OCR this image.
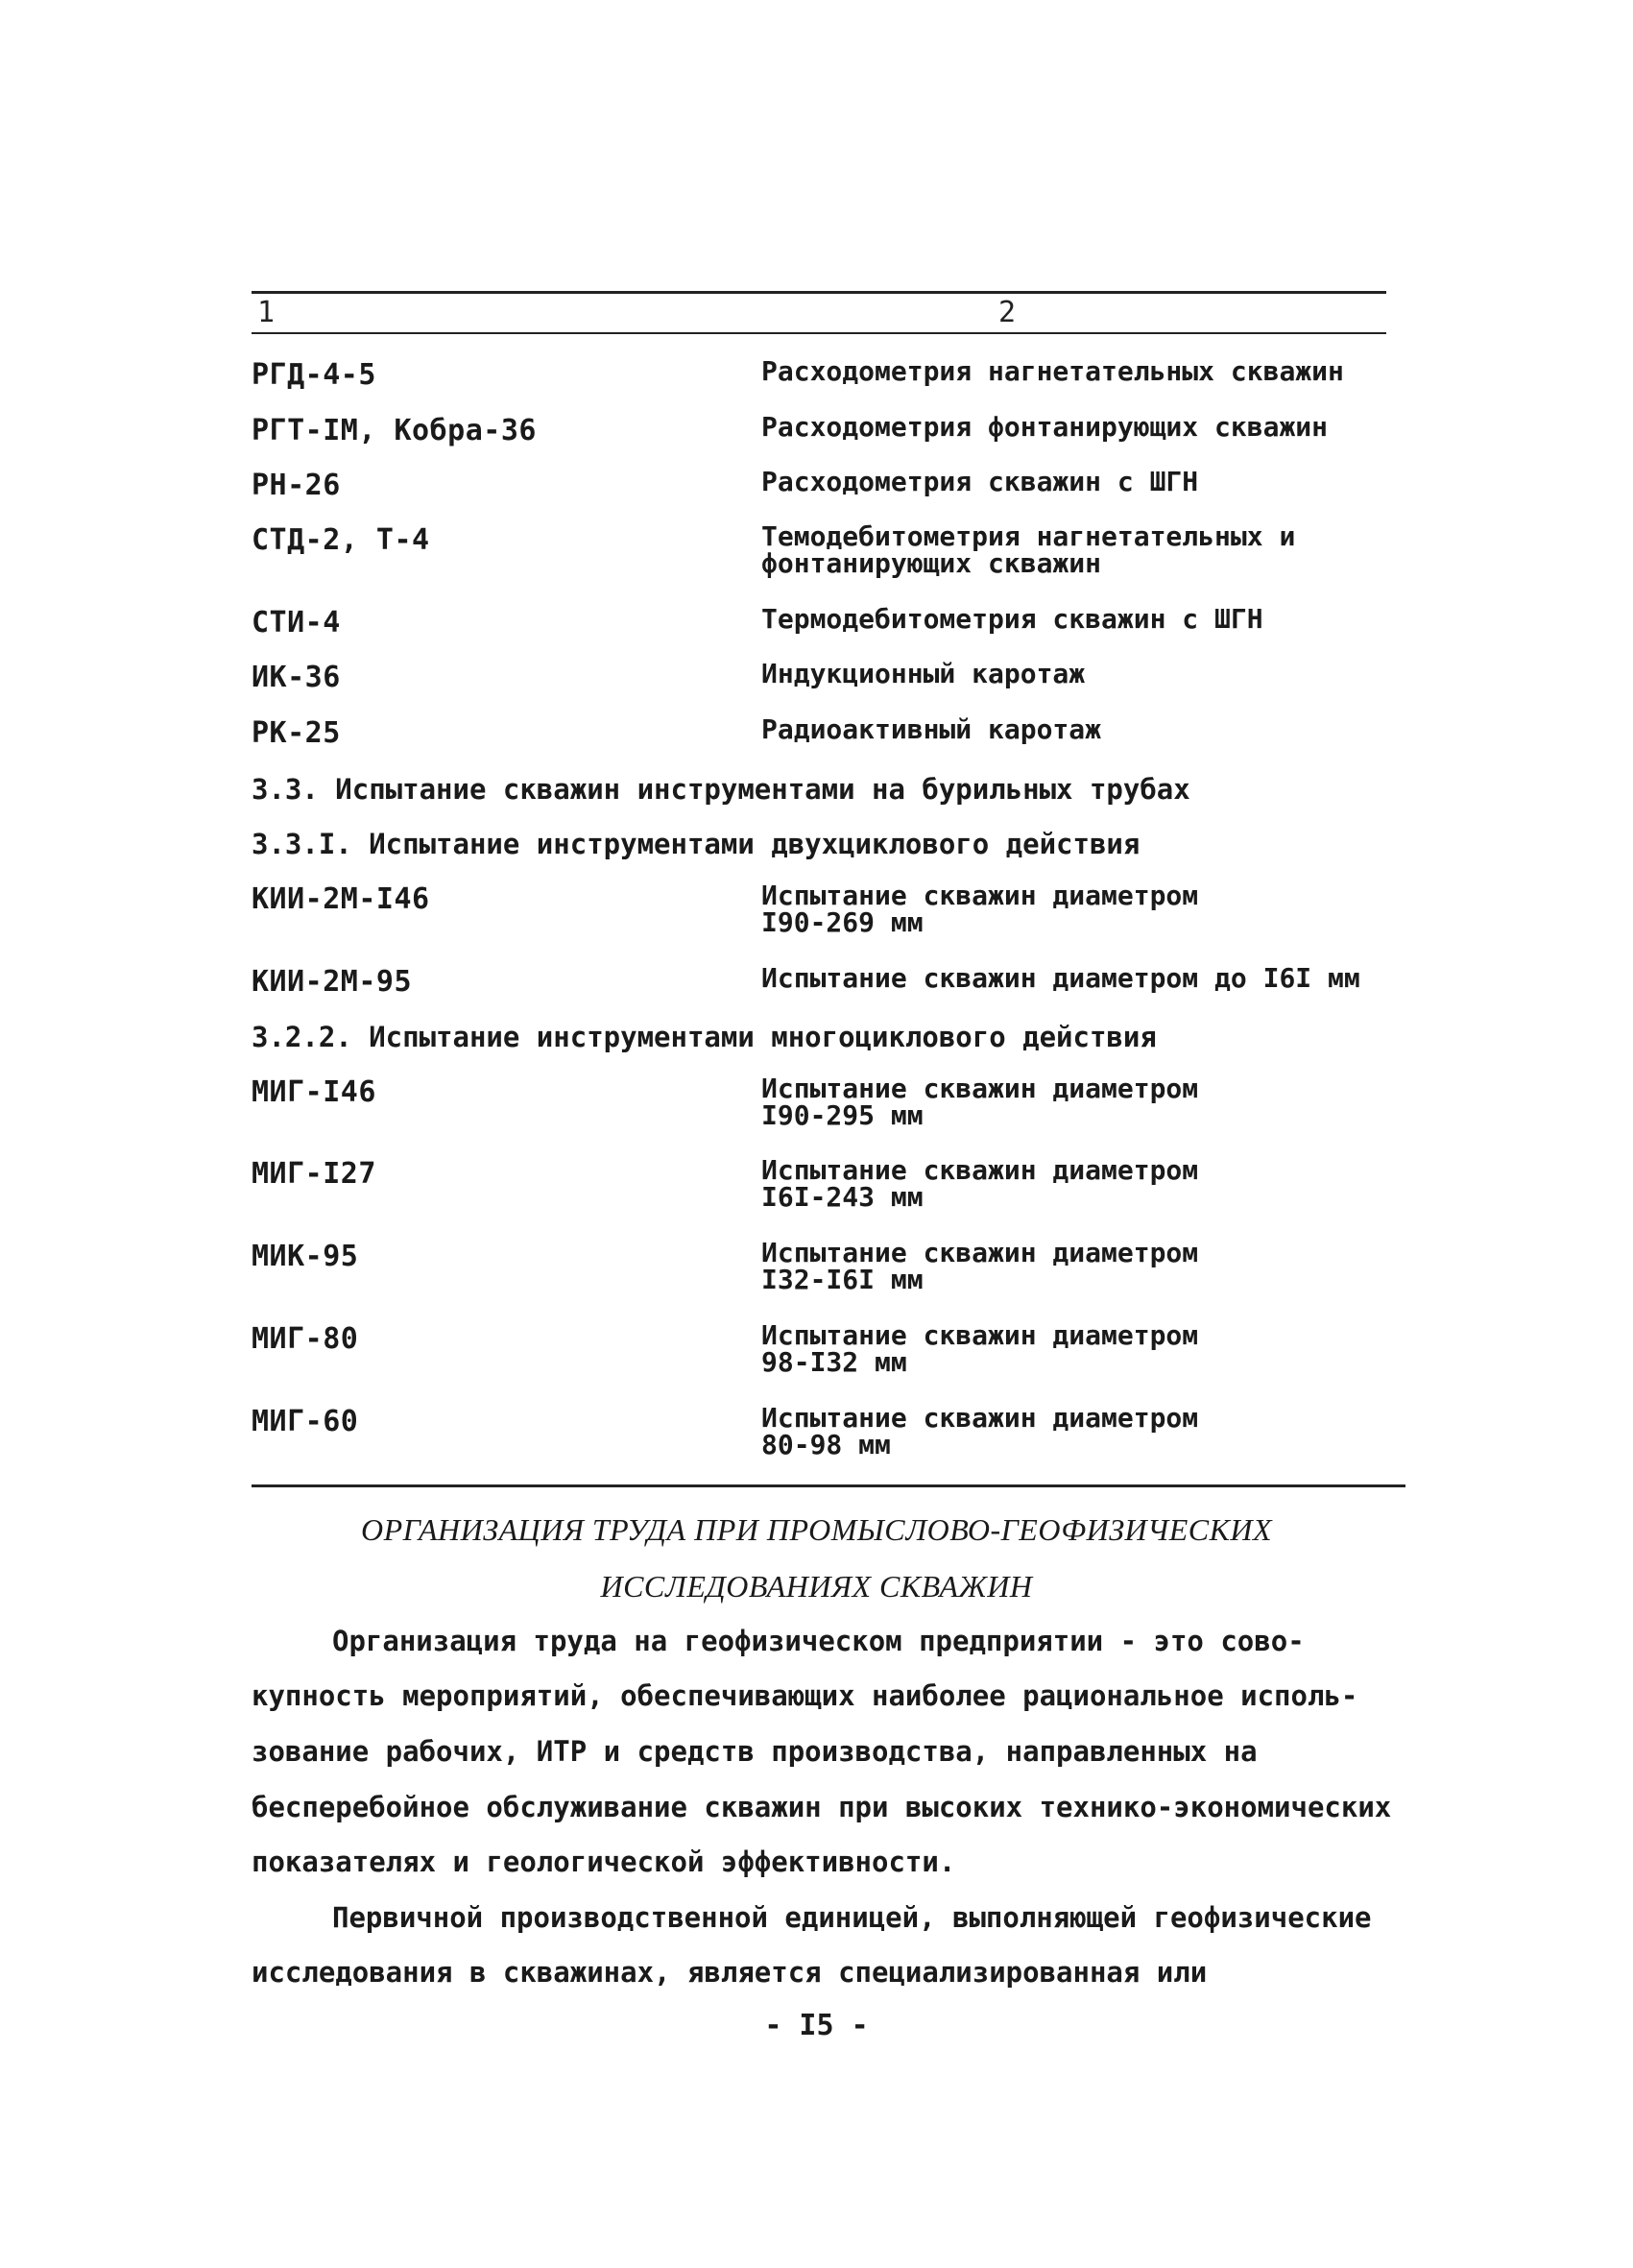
1	2
РГД-4-5	Расходометрия нагнетательных скважин
РГТ-IM, Кобра-36	Расходометрия фонтанирующих скважин
РН-26	Расходометрия скважин с ШГН
СТД-2, Т-4	Темодебитометрия нагнетательных и
фонтанирующих скважин
СТИ-4	Термодебитометрия скважин с ШГН
ИК-36	Индукционный каротаж
РК-25	Радиоактивный каротаж
3.3. Испытание скважин инструментами на бурильных трубах
3.3.I. Испытание инструментами двухциклового действия
КИИ-2М-I46	Испытание скважин диаметром
I90-269 мм
КИИ-2М-95	Испытание скважин диаметром до I6I мм
3.2.2. Испытание инструментами многоциклового действия
МИГ-I46	Испытание скважин диаметром
I90-295 мм
МИГ-I27	Испытание скважин диаметром
I6I-243 мм
МИК-95	Испытание скважин диаметром
I32-I6I мм
МИГ-80	Испытание скважин диаметром
98-I32 мм
МИГ-60	Испытание скважин диаметром
80-98 мм
ОРГАНИЗАЦИЯ ТРУДА ПРИ ПРОМЫСЛОВО-ГЕОФИЗИЧЕСКИХ
ИССЛЕДОВАНИЯХ СКВАЖИН
Организация труда на геофизическом предприятии - это сово-
купность мероприятий, обеспечивающих наиболее рациональное исполь-
зование рабочих, ИТР и средств производства, направленных на
бесперебойное обслуживание скважин при высоких технико-экономических
показателях и геологической эффективности.
Первичной производственной единицей, выполняющей геофизические
исследования в скважинах, является специализированная или
- I5 -
